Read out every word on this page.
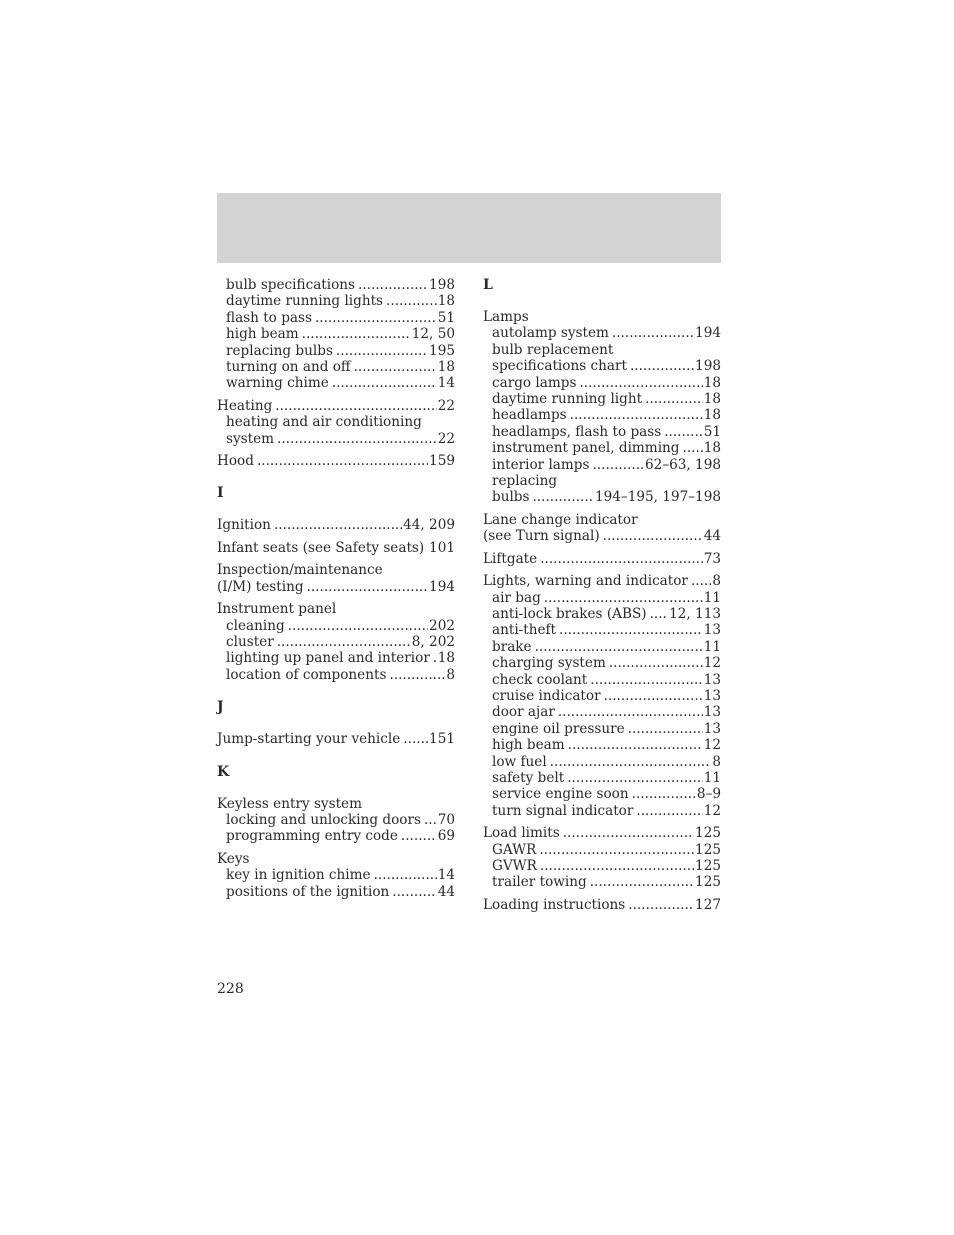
bulb specifications .....	198
daytime running lights .....	18
flash to pass .....	51
high beam .....	12, 50
replacing bulbs .....	195
turning on and off .....	18
warning chime .....	14
Heating .....	22
heating and air conditioning
system .....	22
Hood .....	159
I
Ignition .....	44, 209
Infant seats (see Safety seats) ..... 101
Inspection/maintenance
(I/M) testing .....	194
Instrument panel
cleaning .....	202
cluster .....	8, 202
lighting up panel and interior ..... 18
location of components .....	8
J
Jump-starting your vehicle ..... 151
K
Keyless entry system
locking and unlocking doors ..... 70
programming entry code .....	69
Keys
key in ignition chime .....	14
positions of the ignition .....	44
L
Lamps
autolamp system .....	194
bulb replacement
specifications chart .....	198
cargo lamps .....	18
daytime running light .....	18
headlamps .....	18
headlamps, flash to pass .....	51
instrument panel, dimming ..... 18
interior lamps .....	62–63, 198
replacing
bulbs .....	194–195, 197–198
Lane change indicator
(see Turn signal) .....	44
Liftgate .....	73
Lights, warning and indicator ..... 8
air bag .....	11
anti-lock brakes (ABS) ..... 12, 113
anti-theft .....	13
brake .....	11
charging system .....	12
check coolant .....	13
cruise indicator .....	13
door ajar .....	13
engine oil pressure .....	13
high beam .....	12
low fuel .....	8
safety belt .....	11
service engine soon .....	8–9
turn signal indicator .....	12
Load limits .....	125
GAWR .....	125
GVWR .....	125
trailer towing .....	125
Loading instructions .....	127
228
